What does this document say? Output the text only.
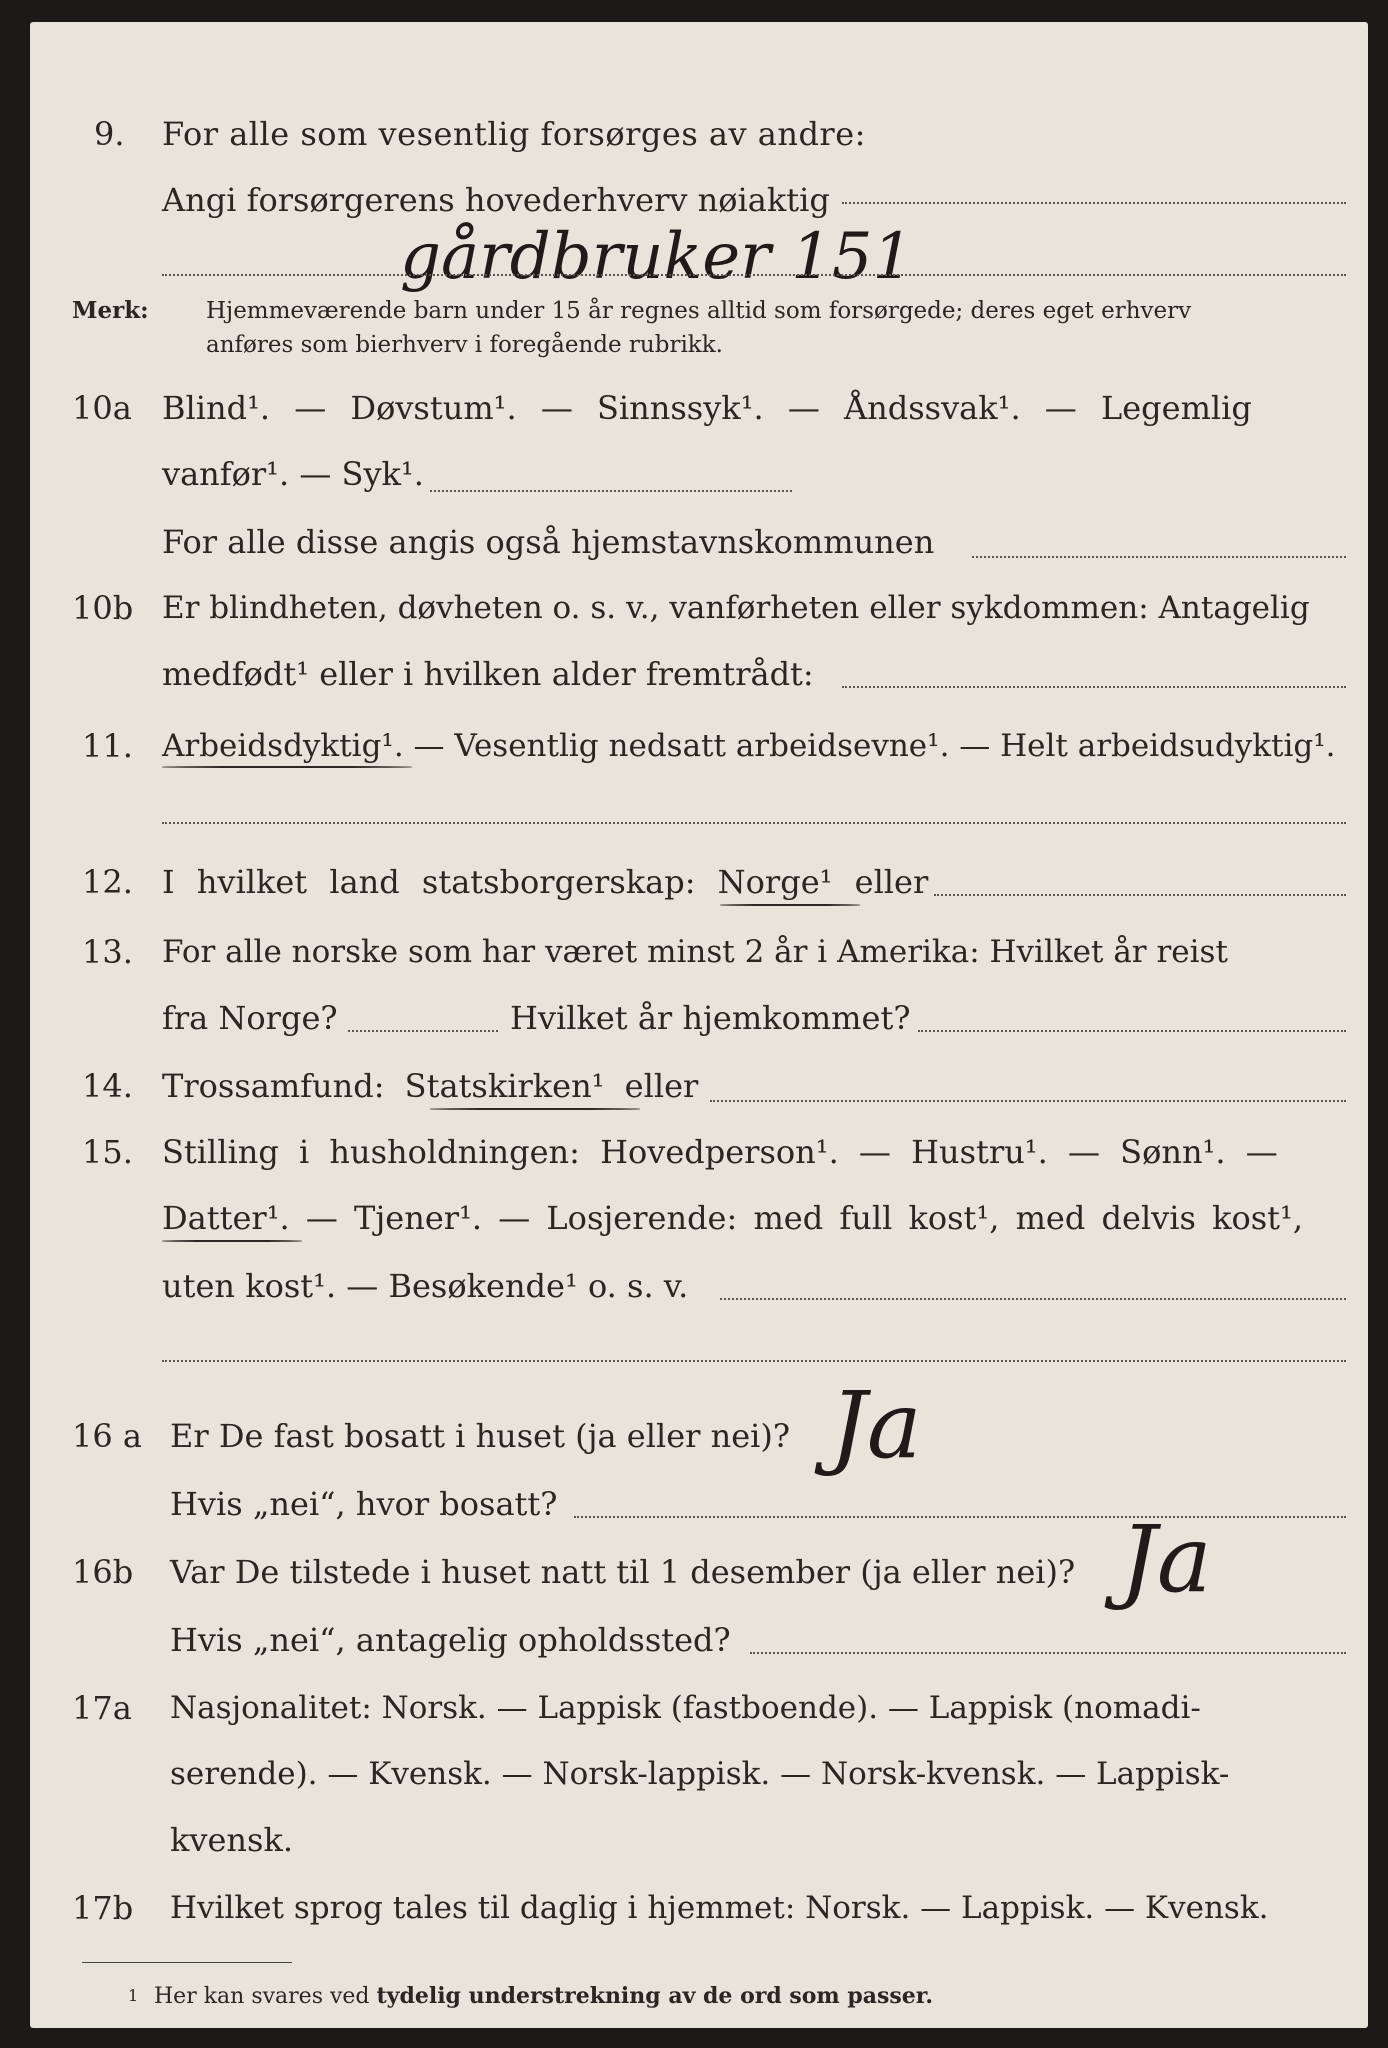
9. For alle som vesentlig forsørges av andre:
Angi forsørgerens hovederhverv nøiaktig
gårdbruker 151
Merk: Hjemmeværende barn under 15 år regnes alltid som forsørgede; deres eget erhverv
anføres som bierhverv i foregående rubrikk.
10a Blind¹. — Døvstum¹. — Sinnssyk¹. — Åndssvak¹. — Legemlig
vanfør¹. — Syk¹.
For alle disse angis også hjemstavnskommunen
10b Er blindheten, døvheten o. s. v., vanførheten eller sykdommen: Antagelig
medfødt¹ eller i hvilken alder fremtrådt:
11. Arbeidsdyktig¹. — Vesentlig nedsatt arbeidsevne¹. — Helt arbeidsudyktig¹.
12. I hvilket land statsborgerskap: Norge¹ eller
13. For alle norske som har været minst 2 år i Amerika: Hvilket år reist
fra Norge?	Hvilket år hjemkommet?
14. Trossamfund: Statskirken¹ eller
15. Stilling i husholdningen: Hovedperson¹. — Hustru¹. — Sønn¹. —
Datter¹. — Tjener¹. — Losjerende: med full kost¹, med delvis kost¹,
uten kost¹. — Besøkende¹ o. s. v.
16 a Er De fast bosatt i huset (ja eller nei)? Ja
Hvis „nei“, hvor bosatt?
16b Var De tilstede i huset natt til 1 desember (ja eller nei)? Ja
Hvis „nei“, antagelig opholdssted?
17a Nasjonalitet: Norsk. — Lappisk (fastboende). — Lappisk (nomadi-
serende). — Kvensk. — Norsk-lappisk. — Norsk-kvensk. — Lappisk-
kvensk.
17b Hvilket sprog tales til daglig i hjemmet: Norsk. — Lappisk. — Kvensk.
1 Her kan svares ved tydelig understrekning av de ord som passer.
